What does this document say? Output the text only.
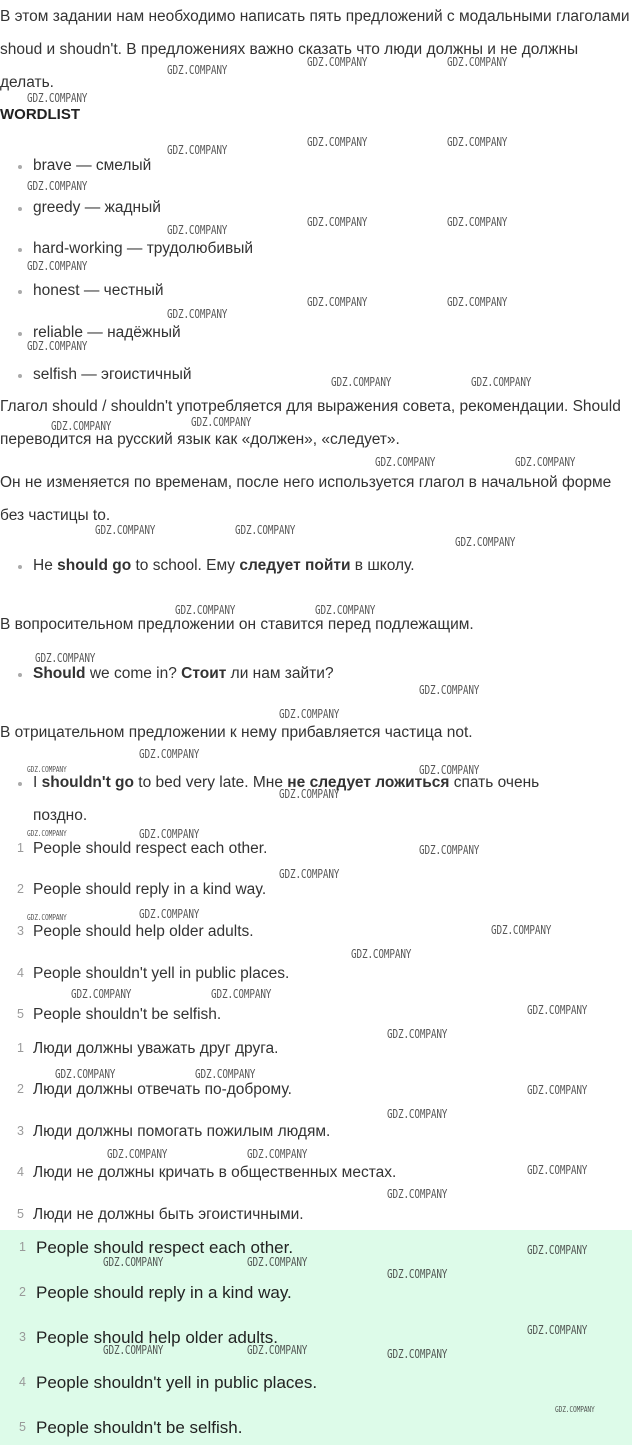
В этом задании нам необходимо написать пять предложений с модальными глаголами shoud и shoudn't. В предложениях важно сказать что люди должны и не должны делать.

WORDLIST
brave — смелый
greedy — жадный
hard-working — трудолюбивый
honest — честный
reliable — надёжный
selfish — эгоистичный

Глагол should / shouldn't употребляется для выражения совета, рекомендации. Should переводится на русский язык как «должен», «следует».

Он не изменяется по временам, после него используется глагол в начальной форме без частицы to.

He should go to school. Ему следует пойти в школу.

В вопросительном предложении он ставится перед подлежащим.

Should we come in? Стоит ли нам зайти?

В отрицательном предложении к нему прибавляется частица not.

I shouldn't go to bed very late. Мне не следует ложиться спать очень
поздно.
1 People should respect each other.
2 People should reply in a kind way.
3 People should help older adults.
4 People shouldn't yell in public places.
5 People shouldn't be selfish.
1 Люди должны уважать друг друга.
2 Люди должны отвечать по-доброму.
3 Люди должны помогать пожилым людям.
4 Люди не должны кричать в общественных местах.
5 Люди не должны быть эгоистичными.
1 People should respect each other.
2 People should reply in a kind way.
3 People should help older adults.
4 People shouldn't yell in public places.
5 People shouldn't be selfish.
GDZ.COMPANY
GDZ.COMPANY	GDZ.COMPANY
GDZ.COMPANY
GDZ.COMPANY
GDZ.COMPANY	GDZ.COMPANY
GDZ.COMPANY
GDZ.COMPANY
GDZ.COMPANY	GDZ.COMPANY
GDZ.COMPANY
GDZ.COMPANY	GDZ.COMPANY
GDZ.COMPANY
GDZ.COMPANY
GDZ.COMPANY	GDZ.COMPANY
GDZ.COMPANY
GDZ.COMPANY
GDZ.COMPANY	GDZ.COMPANY
GDZ.COMPANY	GDZ.COMPANY
GDZ.COMPANY
GDZ.COMPANY	GDZ.COMPANY
GDZ.COMPANY
GDZ.COMPANY
GDZ.COMPANY
GDZ.COMPANY
GDZ.COMPANY	GDZ.COMPANY
GDZ.COMPANY
GDZ.COMPANY	GDZ.COMPANY
GDZ.COMPANY
GDZ.COMPANY
GDZ.COMPANY	GDZ.COMPANY
GDZ.COMPANY
GDZ.COMPANY
GDZ.COMPANY	GDZ.COMPANY
GDZ.COMPANY
GDZ.COMPANY
GDZ.COMPANY	GDZ.COMPANY
GDZ.COMPANY
GDZ.COMPANY
GDZ.COMPANY	GDZ.COMPANY
GDZ.COMPANY
GDZ.COMPANY
GDZ.COMPANY
GDZ.COMPANY	GDZ.COMPANY
GDZ.COMPANY
GDZ.COMPANY
GDZ.COMPANY	GDZ.COMPANY	GDZ.COMPANY
GDZ.COMPANY
